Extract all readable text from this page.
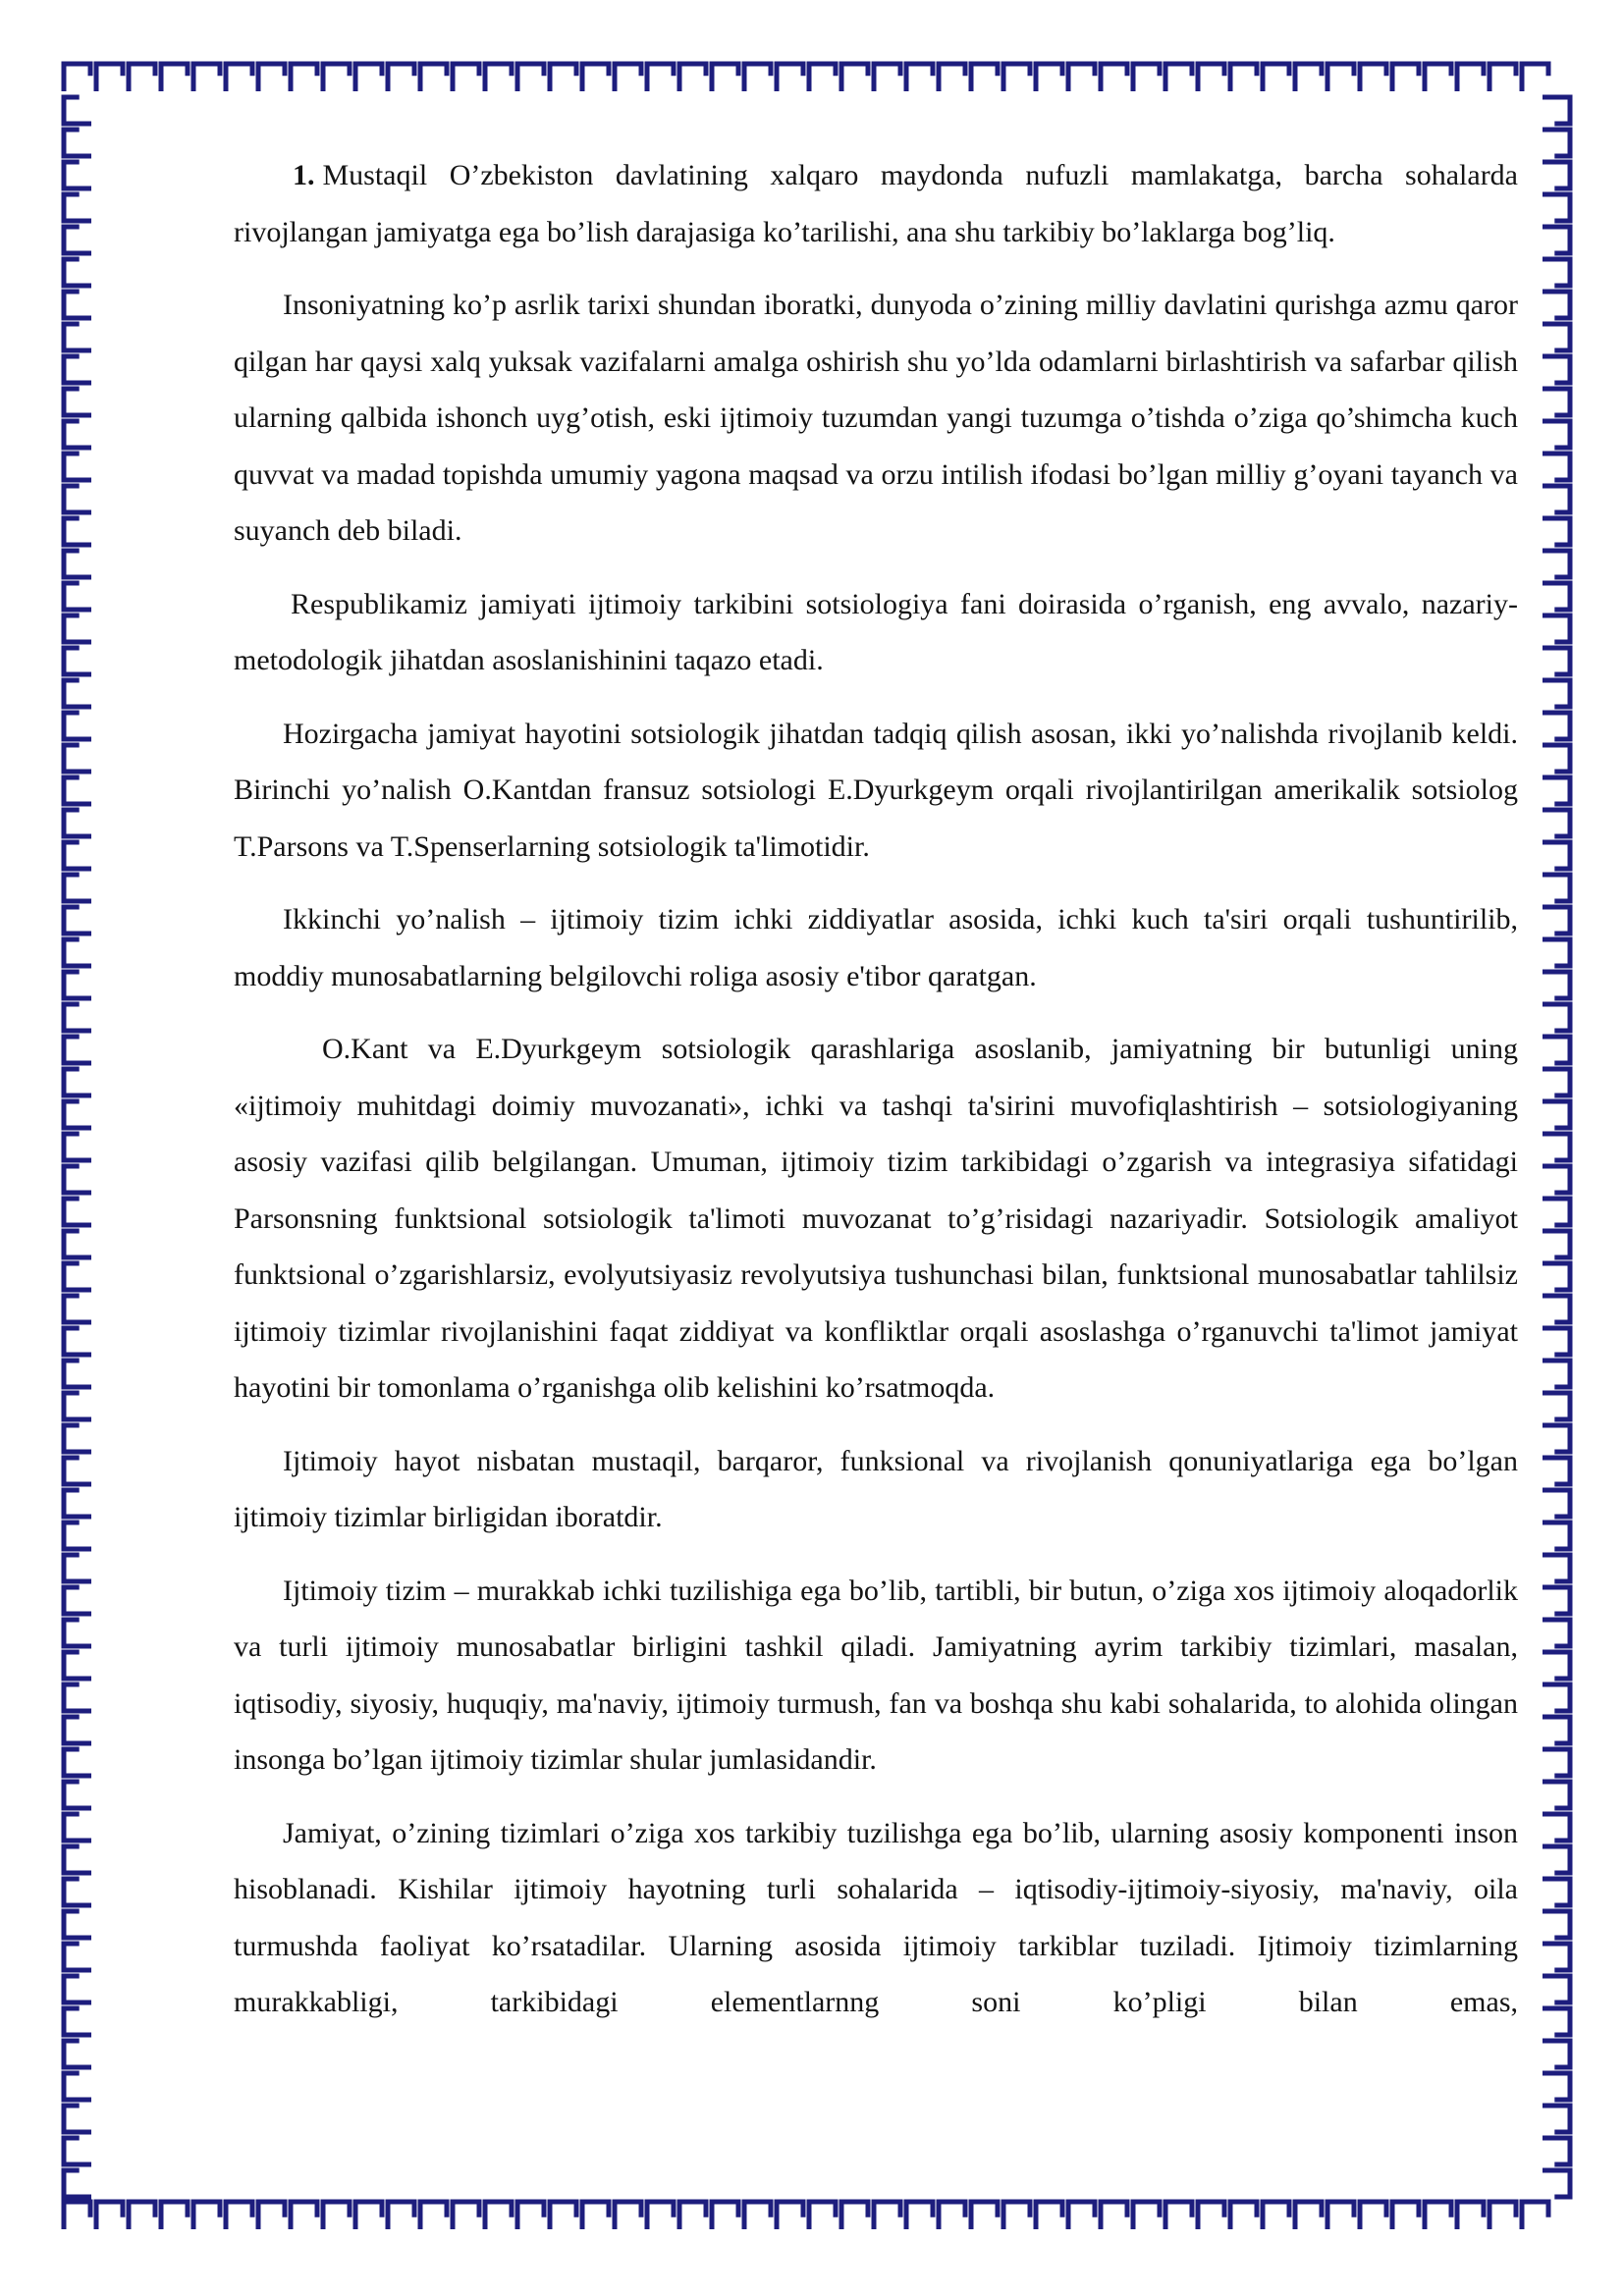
1. Mustaqil O’zbekiston davlatining xalqaro maydonda nufuzli mamlakatga, barcha sohalarda rivojlangan jamiyatga ega bo’lish darajasiga ko’tarilishi, ana shu tarkibiy bo’laklarga bog’liq.

Insoniyatning ko’p asrlik tarixi shundan iboratki, dunyoda o’zining milliy davlatini qurishga azmu qaror qilgan har qaysi xalq yuksak vazifalarni amalga oshirish shu yo’lda odamlarni birlashtirish va safarbar qilish ularning qalbida ishonch uyg’otish, eski ijtimoiy tuzumdan yangi tuzumga o’tishda o’ziga qo’shimcha kuch quvvat va madad topishda umumiy yagona maqsad va orzu intilish ifodasi bo’lgan milliy g’oyani tayanch va suyanch deb biladi.

Respublikamiz jamiyati ijtimoiy tarkibini sotsiologiya fani doirasida o’rganish, eng avvalo, nazariy-metodologik jihatdan asoslanishinini taqazo etadi.

Hozirgacha jamiyat hayotini sotsiologik jihatdan tadqiq qilish asosan, ikki yo’nalishda rivojlanib keldi. Birinchi yo’nalish O.Kantdan fransuz sotsiologi E.Dyurkgeym orqali rivojlantirilgan amerikalik sotsiolog T.Parsons va T.Spenserlarning sotsiologik ta'limotidir.

Ikkinchi yo’nalish – ijtimoiy tizim ichki ziddiyatlar asosida, ichki kuch ta'siri orqali tushuntirilib, moddiy munosabatlarning belgilovchi roliga asosiy e'tibor qaratgan.

O.Kant va E.Dyurkgeym sotsiologik qarashlariga asoslanib, jamiyatning bir butunligi uning «ijtimoiy muhitdagi doimiy muvozanati», ichki va tashqi ta'sirini muvofiqlashtirish – sotsiologiyaning asosiy vazifasi qilib belgilangan. Umuman, ijtimoiy tizim tarkibidagi o’zgarish va integrasiya sifatidagi Parsonsning funktsional sotsiologik ta'limoti muvozanat to’g’risidagi nazariyadir. Sotsiologik amaliyot funktsional o’zgarishlarsiz, evolyutsiyasiz revolyutsiya tushunchasi bilan, funktsional munosabatlar tahlilsiz ijtimoiy tizimlar rivojlanishini faqat ziddiyat va konfliktlar orqali asoslashga o’rganuvchi ta'limot jamiyat hayotini bir tomonlama o’rganishga olib kelishini ko’rsatmoqda.

Ijtimoiy hayot nisbatan mustaqil, barqaror, funksional va rivojlanish qonuniyatlariga ega bo’lgan ijtimoiy tizimlar birligidan iboratdir.

Ijtimoiy tizim – murakkab ichki tuzilishiga ega bo’lib, tartibli, bir butun, o’ziga xos ijtimoiy aloqadorlik va turli ijtimoiy munosabatlar birligini tashkil qiladi. Jamiyatning ayrim tarkibiy tizimlari, masalan, iqtisodiy, siyosiy, huquqiy, ma'naviy, ijtimoiy turmush, fan va boshqa shu kabi sohalarida, to alohida olingan insonga bo’lgan ijtimoiy tizimlar shular jumlasidandir.

Jamiyat, o’zining tizimlari o’ziga xos tarkibiy tuzilishga ega bo’lib, ularning asosiy komponenti inson hisoblanadi. Kishilar ijtimoiy hayotning turli sohalarida – iqtisodiy-ijtimoiy-siyosiy, ma'naviy, oila turmushda faoliyat ko’rsatadilar. Ularning asosida ijtimoiy tarkiblar tuziladi. Ijtimoiy tizimlarning murakkabligi, tarkibidagi elementlarnng soni ko’pligi bilan emas,
